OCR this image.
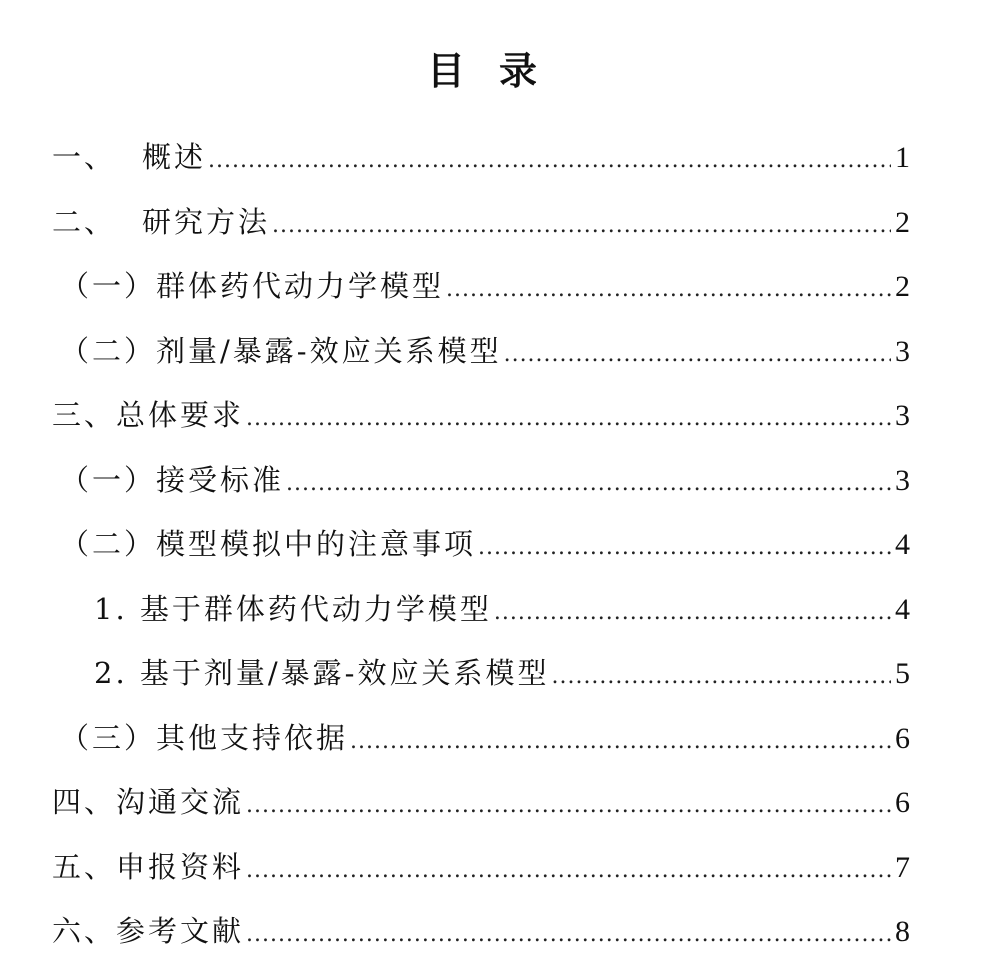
目 录
一、 概述 .....	1
二、 研究方法 .....	2
（一）群体药代动力学模型 .....	2
（二）剂量/暴露-效应关系模型 .....	3
三、总体要求 .....	3
（一）接受标准 .....	3
（二）模型模拟中的注意事项 .....	4
1. 基于群体药代动力学模型 .....	4
2. 基于剂量/暴露-效应关系模型 .....	5
（三）其他支持依据 .....	6
四、沟通交流 .....	6
五、申报资料 .....	7
六、参考文献 .....	8
